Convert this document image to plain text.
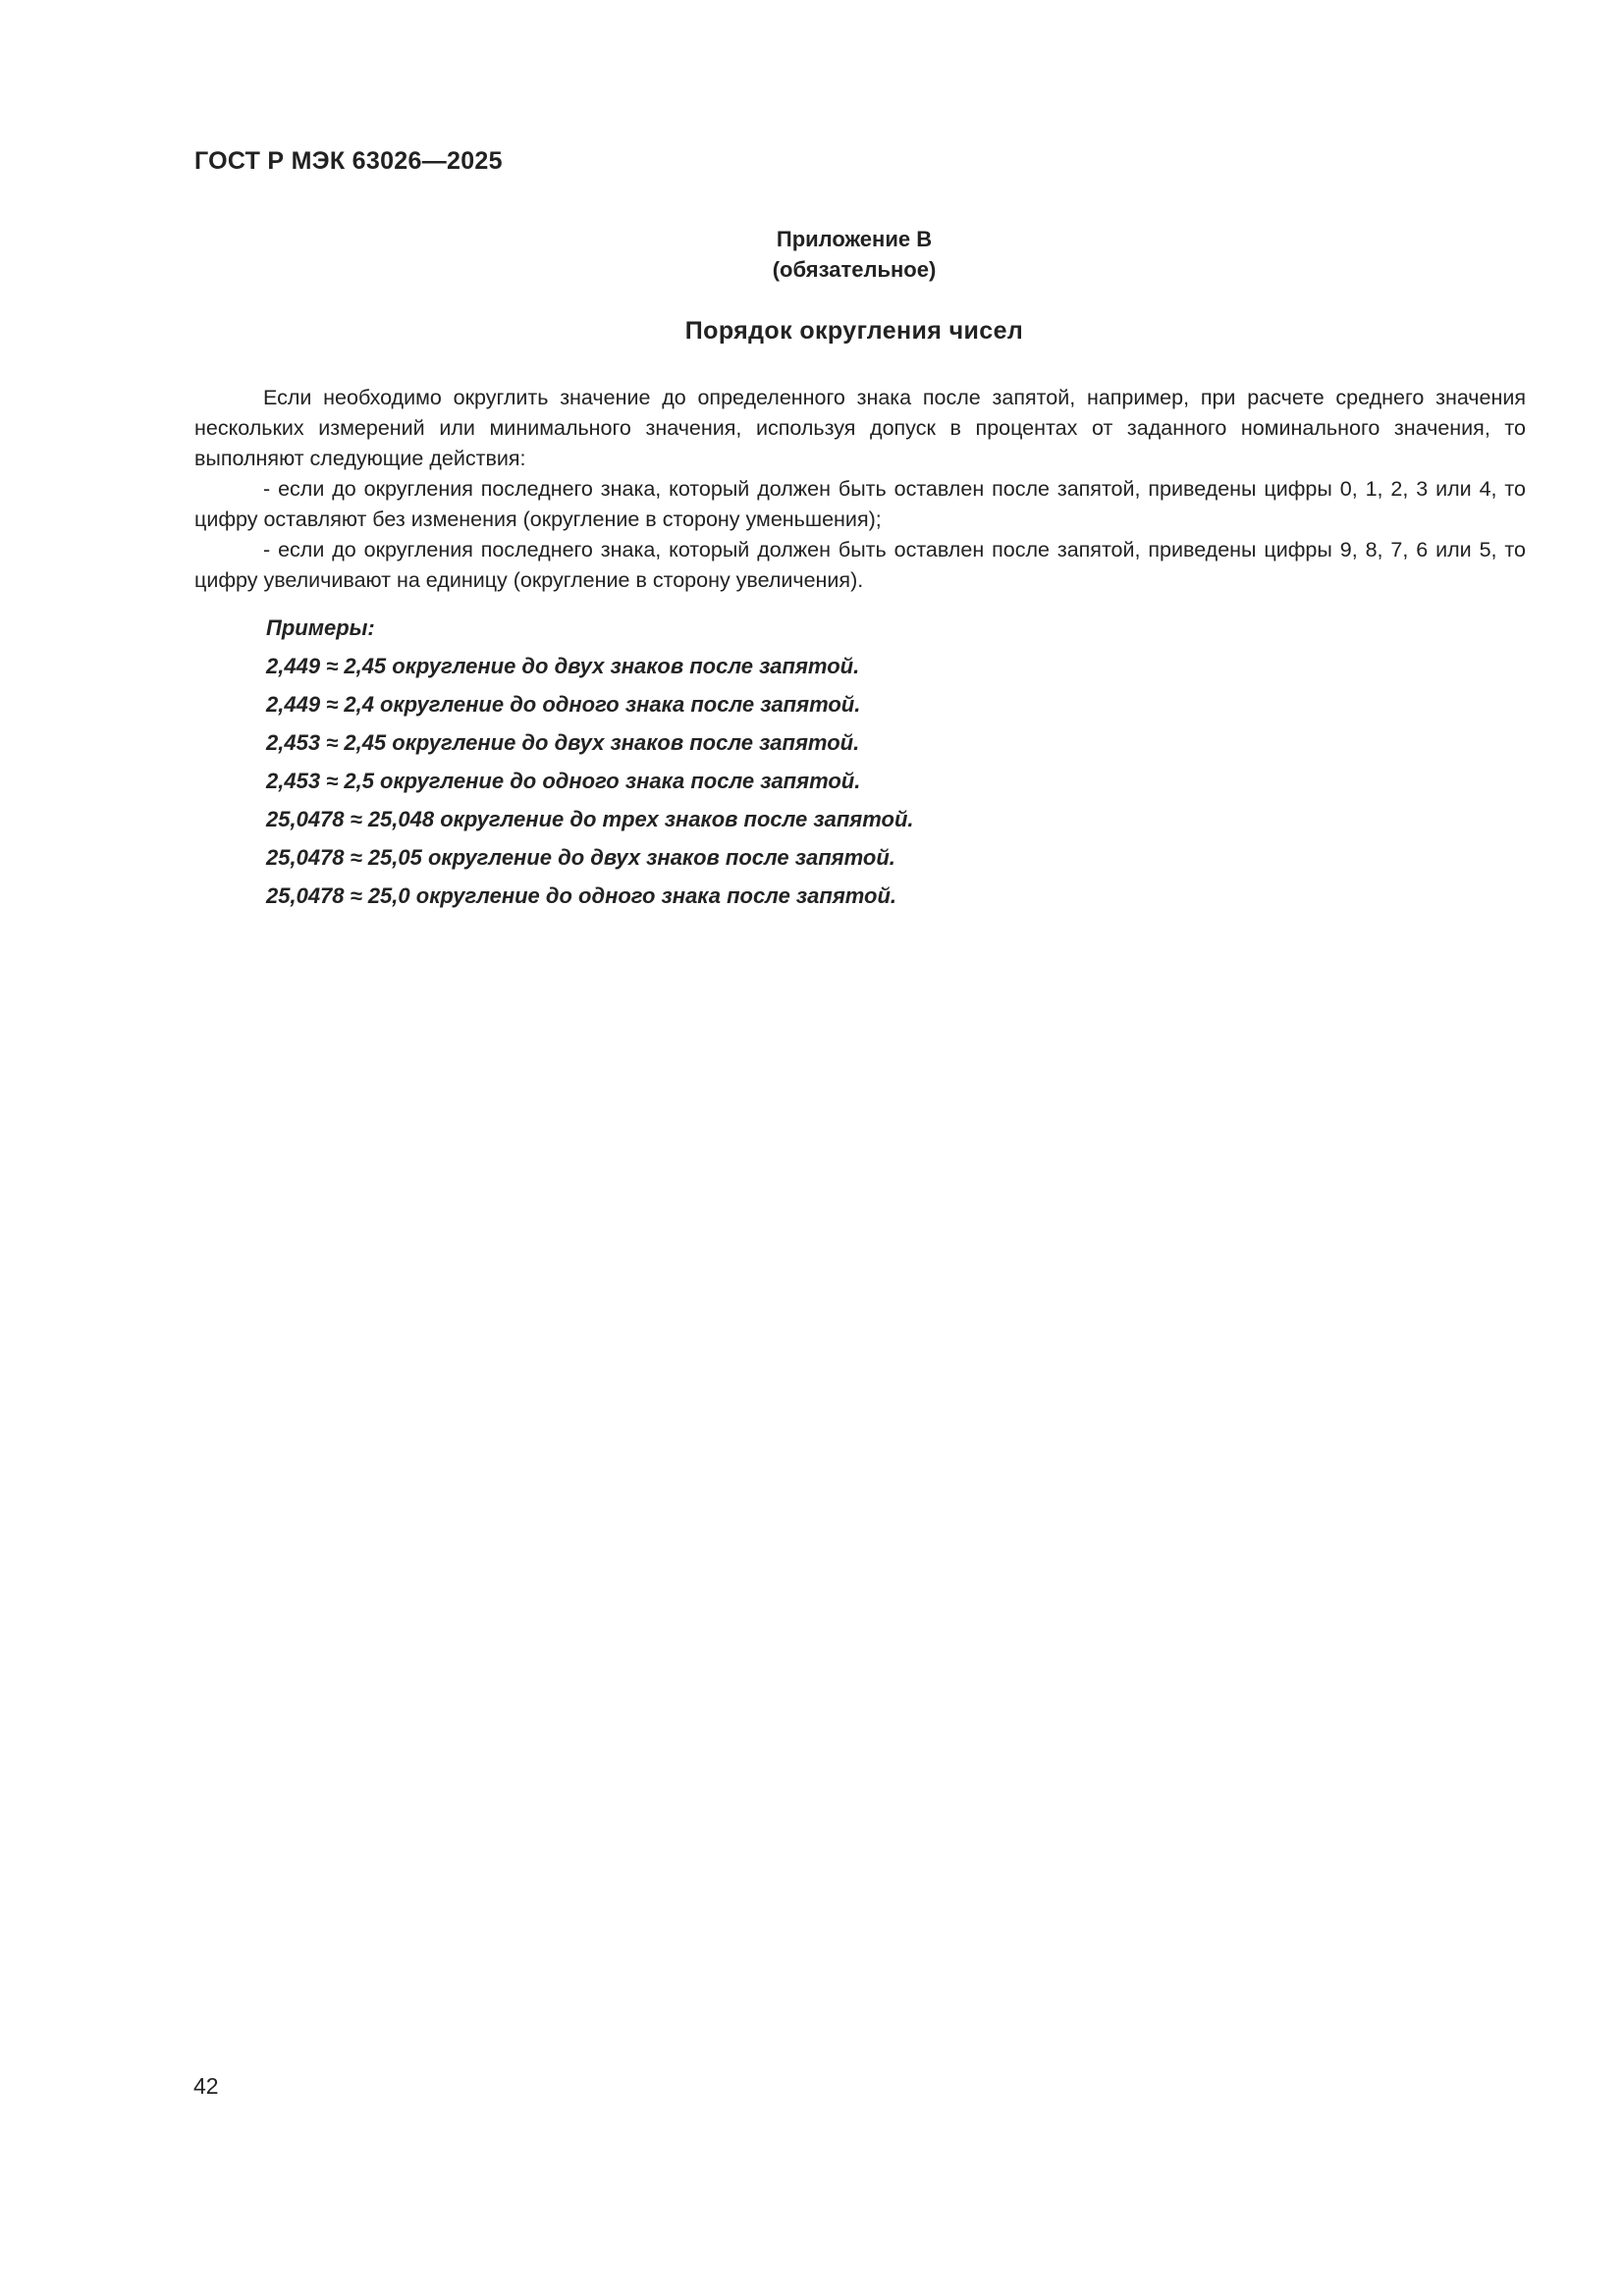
ГОСТ Р МЭК 63026—2025
Приложение В
(обязательное)
Порядок округления чисел

Если необходимо округлить значение до определенного знака после запятой, например, при расчете среднего значения нескольких измерений или минимального значения, используя допуск в процентах от заданного номинального значения, то выполняют следующие действия:

- если до округления последнего знака, который должен быть оставлен после запятой, приведены цифры 0, 1, 2, 3 или 4, то цифру оставляют без изменения (округление в сторону уменьшения);

- если до округления последнего знака, который должен быть оставлен после запятой, приведены цифры 9, 8, 7, 6 или 5, то цифру увеличивают на единицу (округление в сторону увеличения).

Примеры:
2,449 ≈ 2,45 округление до двух знаков после запятой.
2,449 ≈ 2,4 округление до одного знака после запятой.
2,453 ≈ 2,45 округление до двух знаков после запятой.
2,453 ≈ 2,5 округление до одного знака после запятой.
25,0478 ≈ 25,048 округление до трех знаков после запятой.
25,0478 ≈ 25,05 округление до двух знаков после запятой.
25,0478 ≈ 25,0 округление до одного знака после запятой.
42
